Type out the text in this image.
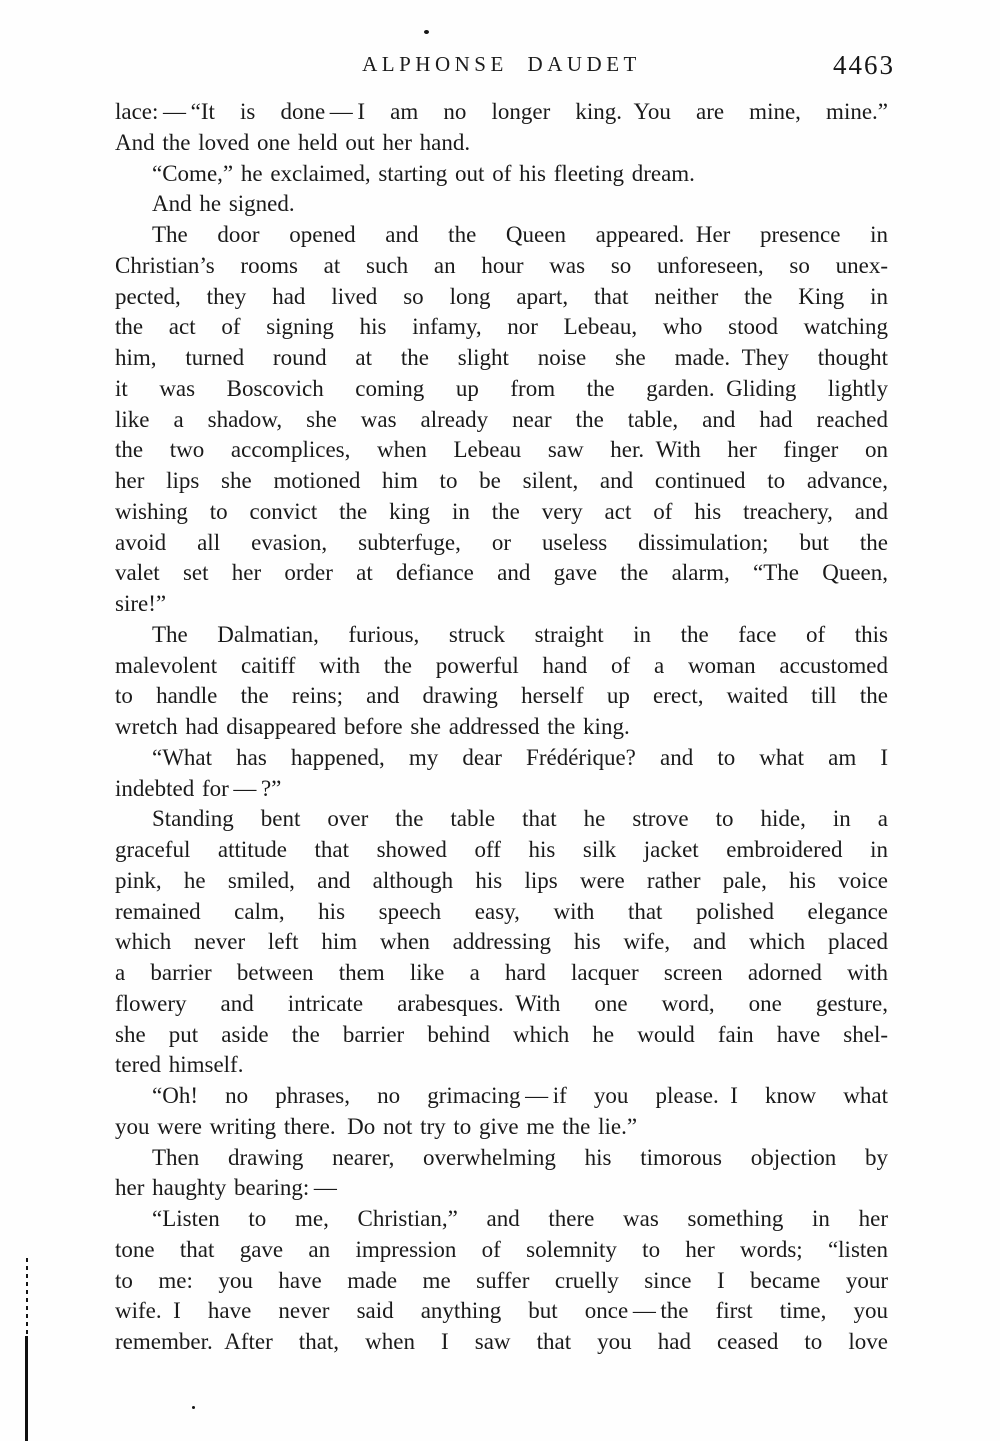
ALPHONSE DAUDET	4463
lace: — “It is done — I am no longer king. You are mine, mine.”
And the loved one held out her hand.
“Come,” he exclaimed, starting out of his fleeting dream.
And he signed.
The door opened and the Queen appeared. Her presence in
Christian’s rooms at such an hour was so unforeseen, so unex-
pected, they had lived so long apart, that neither the King in
the act of signing his infamy, nor Lebeau, who stood watching
him, turned round at the slight noise she made. They thought
it was Boscovich coming up from the garden. Gliding lightly
like a shadow, she was already near the table, and had reached
the two accomplices, when Lebeau saw her. With her finger on
her lips she motioned him to be silent, and continued to advance,
wishing to convict the king in the very act of his treachery, and
avoid all evasion, subterfuge, or useless dissimulation; but the
valet set her order at defiance and gave the alarm, “The Queen,
sire!”
The Dalmatian, furious, struck straight in the face of this
malevolent caitiff with the powerful hand of a woman accustomed
to handle the reins; and drawing herself up erect, waited till the
wretch had disappeared before she addressed the king.
“What has happened, my dear Frédérique? and to what am I
indebted for — ?”
Standing bent over the table that he strove to hide, in a
graceful attitude that showed off his silk jacket embroidered in
pink, he smiled, and although his lips were rather pale, his voice
remained calm, his speech easy, with that polished elegance
which never left him when addressing his wife, and which placed
a barrier between them like a hard lacquer screen adorned with
flowery and intricate arabesques. With one word, one gesture,
she put aside the barrier behind which he would fain have shel-
tered himself.
“Oh! no phrases, no grimacing — if you please. I know what
you were writing there. Do not try to give me the lie.”
Then drawing nearer, overwhelming his timorous objection by
her haughty bearing: —
“Listen to me, Christian,” and there was something in her
tone that gave an impression of solemnity to her words; “listen
to me: you have made me suffer cruelly since I became your
wife. I have never said anything but once — the first time, you
remember. After that, when I saw that you had ceased to love
